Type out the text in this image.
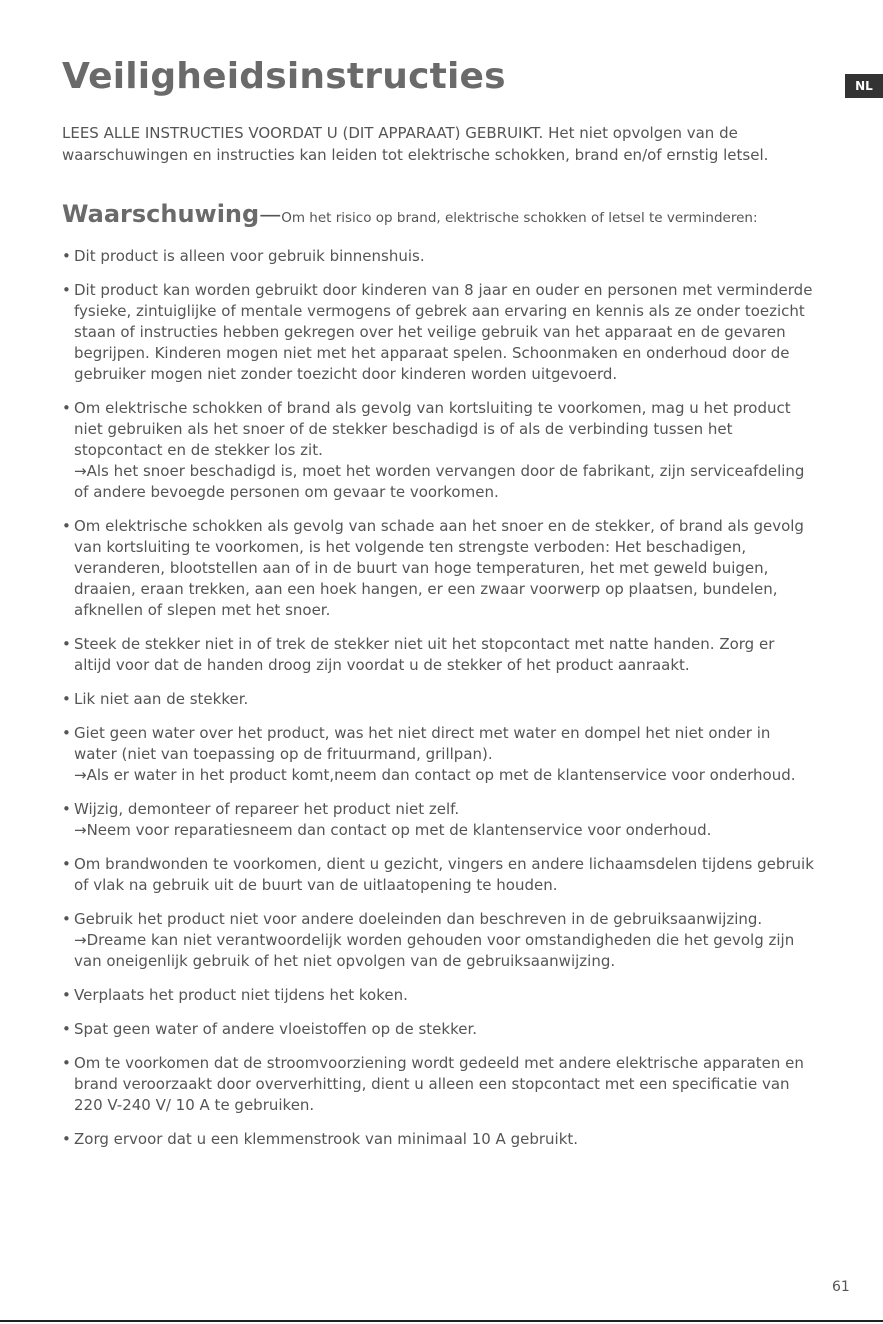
Veiligheidsinstructies	NL

LEES ALLE INSTRUCTIES VOORDAT U (DIT APPARAAT) GEBRUIKT. Het niet opvolgen van de waarschuwingen en instructies kan leiden tot elektrische schokken, brand en/of ernstig letsel.

Waarschuwing—Om het risico op brand, elektrische schokken of letsel te verminderen:
• Dit product is alleen voor gebruik binnenshuis.
• Dit product kan worden gebruikt door kinderen van 8 jaar en ouder en personen met verminderde fysieke, zintuiglijke of mentale vermogens of gebrek aan ervaring en kennis als ze onder toezicht staan of instructies hebben gekregen over het veilige gebruik van het apparaat en de gevaren begrijpen. Kinderen mogen niet met het apparaat spelen. Schoonmaken en onderhoud door de gebruiker mogen niet zonder toezicht door kinderen worden uitgevoerd.
• Om elektrische schokken of brand als gevolg van kortsluiting te voorkomen, mag u het product niet gebruiken als het snoer of de stekker beschadigd is of als de verbinding tussen het stopcontact en de stekker los zit.
→Als het snoer beschadigd is, moet het worden vervangen door de fabrikant, zijn serviceafdeling of andere bevoegde personen om gevaar te voorkomen.
• Om elektrische schokken als gevolg van schade aan het snoer en de stekker, of brand als gevolg van kortsluiting te voorkomen, is het volgende ten strengste verboden: Het beschadigen, veranderen, blootstellen aan of in de buurt van hoge temperaturen, het met geweld buigen, draaien, eraan trekken, aan een hoek hangen, er een zwaar voorwerp op plaatsen, bundelen, afknellen of slepen met het snoer.
• Steek de stekker niet in of trek de stekker niet uit het stopcontact met natte handen. Zorg er altijd voor dat de handen droog zijn voordat u de stekker of het product aanraakt.
• Lik niet aan de stekker.
• Giet geen water over het product, was het niet direct met water en dompel het niet onder in water (niet van toepassing op de frituurmand, grillpan).
→Als er water in het product komt,neem dan contact op met de klantenservice voor onderhoud.
• Wijzig, demonteer of repareer het product niet zelf.
→Neem voor reparatiesneem dan contact op met de klantenservice voor onderhoud.
• Om brandwonden te voorkomen, dient u gezicht, vingers en andere lichaamsdelen tijdens gebruik of vlak na gebruik uit de buurt van de uitlaatopening te houden.
• Gebruik het product niet voor andere doeleinden dan beschreven in de gebruiksaanwijzing.
→Dreame kan niet verantwoordelijk worden gehouden voor omstandigheden die het gevolg zijn van oneigenlijk gebruik of het niet opvolgen van de gebruiksaanwijzing.
• Verplaats het product niet tijdens het koken.
• Spat geen water of andere vloeistoffen op de stekker.
• Om te voorkomen dat de stroomvoorziening wordt gedeeld met andere elektrische apparaten en brand veroorzaakt door oververhitting, dient u alleen een stopcontact met een specificatie van 220 V-240 V/ 10 A te gebruiken.
• Zorg ervoor dat u een klemmenstrook van minimaal 10 A gebruikt.
61
